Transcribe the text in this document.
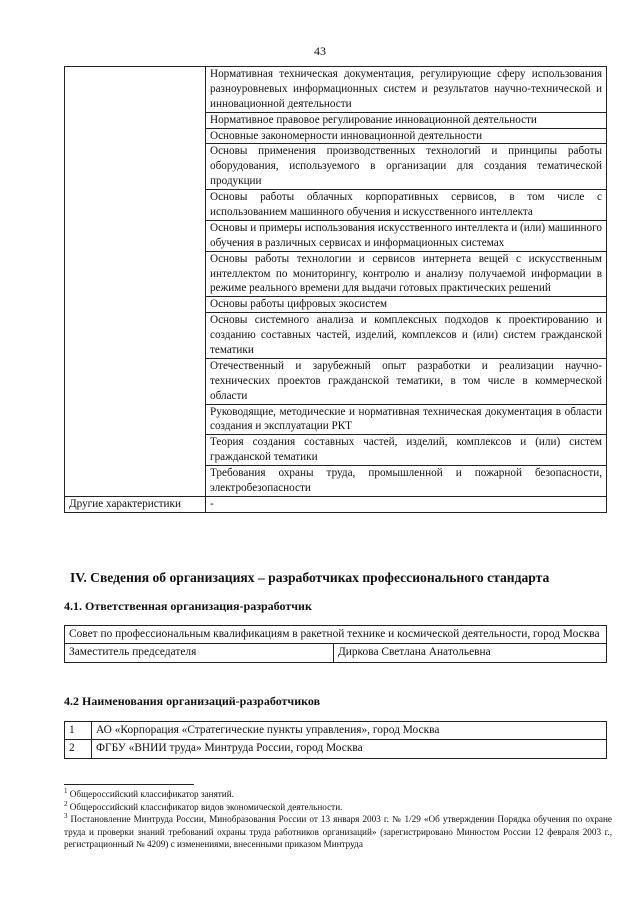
43
	Нормативная техническая документация, регулирующие сферу использования разноуровневых информационных систем и результатов научно-технической и инновационной деятельности
	Нормативное правовое регулирование инновационной деятельности
	Основные закономерности инновационной деятельности
	Основы применения производственных технологий и принципы работы оборудования, используемого в организации для создания тематической продукции
	Основы работы облачных корпоративных сервисов, в том числе с использованием машинного обучения и искусственного интеллекта
	Основы и примеры использования искусственного интеллекта и (или) машинного обучения в различных сервисах и информационных системах
	Основы работы технологии и сервисов интернета вещей с искусственным интеллектом по мониторингу, контролю и анализу получаемой информации в режиме реального времени для выдачи готовых практических решений
	Основы работы цифровых экосистем
	Основы системного анализа и комплексных подходов к проектированию и созданию составных частей, изделий, комплексов и (или) систем гражданской тематики
	Отечественный и зарубежный опыт разработки и реализации научно-технических проектов гражданской тематики, в том числе в коммерческой области
	Руководящие, методические и нормативная техническая документация в области создания и эксплуатации РКТ
	Теория создания составных частей, изделий, комплексов и (или) систем гражданской тематики
	Требования охраны труда, промышленной и пожарной безопасности, электробезопасности
Другие характеристики	-
IV. Сведения об организациях – разработчиках профессионального стандарта
4.1. Ответственная организация-разработчик
Совет по профессиональным квалификациям в ракетной технике и космической деятельности, город Москва
Заместитель председателя	Диркова Светлана Анатольевна
4.2 Наименования организаций-разработчиков
1	АО «Корпорация «Стратегические пункты управления», город Москва
2	ФГБУ «ВНИИ труда» Минтруда России, город Москва

$^1$ Общероссийский классификатор занятий.

$^2$ Общероссийский классификатор видов экономической деятельности.

$^3$ Постановление Минтруда России, Минобразования России от 13 января 2003 г. № 1/29 «Об утверждении Порядка обучения по охране труда и проверки знаний требований охраны труда работников организаций» (зарегистрировано Минюстом России 12 февраля 2003 г., регистрационный № 4209) с изменениями, внесенными приказом Минтруда
